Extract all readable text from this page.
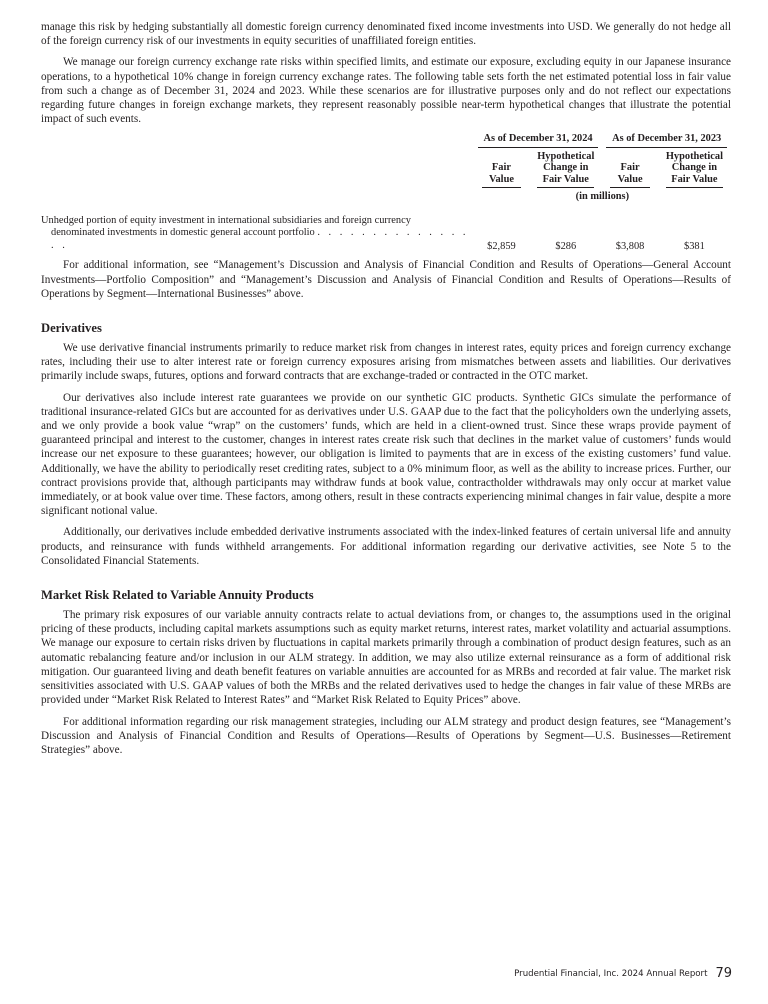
manage this risk by hedging substantially all domestic foreign currency denominated fixed income investments into USD. We generally do not hedge all of the foreign currency risk of our investments in equity securities of unaffiliated foreign entities.

We manage our foreign currency exchange rate risks within specified limits, and estimate our exposure, excluding equity in our Japanese insurance operations, to a hypothetical 10% change in foreign currency exchange rates. The following table sets forth the net estimated potential loss in fair value from such a change as of December 31, 2024 and 2023. While these scenarios are for illustrative purposes only and do not reflect our expectations regarding future changes in foreign exchange markets, they represent reasonably possible near-term hypothetical changes that illustrate the potential impact of such events.

	As of December 31, 2024		As of December 31, 2023	

	Fair Value	Hypothetical Change in Fair Value	Fair Value	Hypothetical Change in Fair Value

	(in millions)			
Unhedged portion of equity investment in international subsidiaries and foreign currency
denominated investments in domestic general account portfolio . . . . . . . . . . . . . . . .	$2,859	$286	$3,808	$381

For additional information, see “Management’s Discussion and Analysis of Financial Condition and Results of Operations—General Account Investments—Portfolio Composition” and “Management’s Discussion and Analysis of Financial Condition and Results of Operations—Results of Operations by Segment—International Businesses” above.

Derivatives

We use derivative financial instruments primarily to reduce market risk from changes in interest rates, equity prices and foreign currency exchange rates, including their use to alter interest rate or foreign currency exposures arising from mismatches between assets and liabilities. Our derivatives primarily include swaps, futures, options and forward contracts that are exchange-traded or contracted in the OTC market.

Our derivatives also include interest rate guarantees we provide on our synthetic GIC products. Synthetic GICs simulate the performance of traditional insurance-related GICs but are accounted for as derivatives under U.S. GAAP due to the fact that the policyholders own the underlying assets, and we only provide a book value “wrap” on the customers’ funds, which are held in a client-owned trust. Since these wraps provide payment of guaranteed principal and interest to the customer, changes in interest rates create risk such that declines in the market value of customers’ funds would increase our net exposure to these guarantees; however, our obligation is limited to payments that are in excess of the existing customers’ fund value. Additionally, we have the ability to periodically reset crediting rates, subject to a 0% minimum floor, as well as the ability to increase prices. Further, our contract provisions provide that, although participants may withdraw funds at book value, contractholder withdrawals may only occur at market value immediately, or at book value over time. These factors, among others, result in these contracts experiencing minimal changes in fair value, despite a more significant notional value.

Additionally, our derivatives include embedded derivative instruments associated with the index-linked features of certain universal life and annuity products, and reinsurance with funds withheld arrangements. For additional information regarding our derivative activities, see Note 5 to the Consolidated Financial Statements.

Market Risk Related to Variable Annuity Products

The primary risk exposures of our variable annuity contracts relate to actual deviations from, or changes to, the assumptions used in the original pricing of these products, including capital markets assumptions such as equity market returns, interest rates, market volatility and actuarial assumptions. We manage our exposure to certain risks driven by fluctuations in capital markets primarily through a combination of product design features, such as an automatic rebalancing feature and/or inclusion in our ALM strategy. In addition, we may also utilize external reinsurance as a form of additional risk mitigation. Our guaranteed living and death benefit features on variable annuities are accounted for as MRBs and recorded at fair value. The market risk sensitivities associated with U.S. GAAP values of both the MRBs and the related derivatives used to hedge the changes in fair value of these MRBs are provided under “Market Risk Related to Interest Rates” and “Market Risk Related to Equity Prices” above.

For additional information regarding our risk management strategies, including our ALM strategy and product design features, see “Management’s Discussion and Analysis of Financial Condition and Results of Operations—Results of Operations by Segment—U.S. Businesses—Retirement Strategies” above.

Prudential Financial, Inc. 2024 Annual Report 79
